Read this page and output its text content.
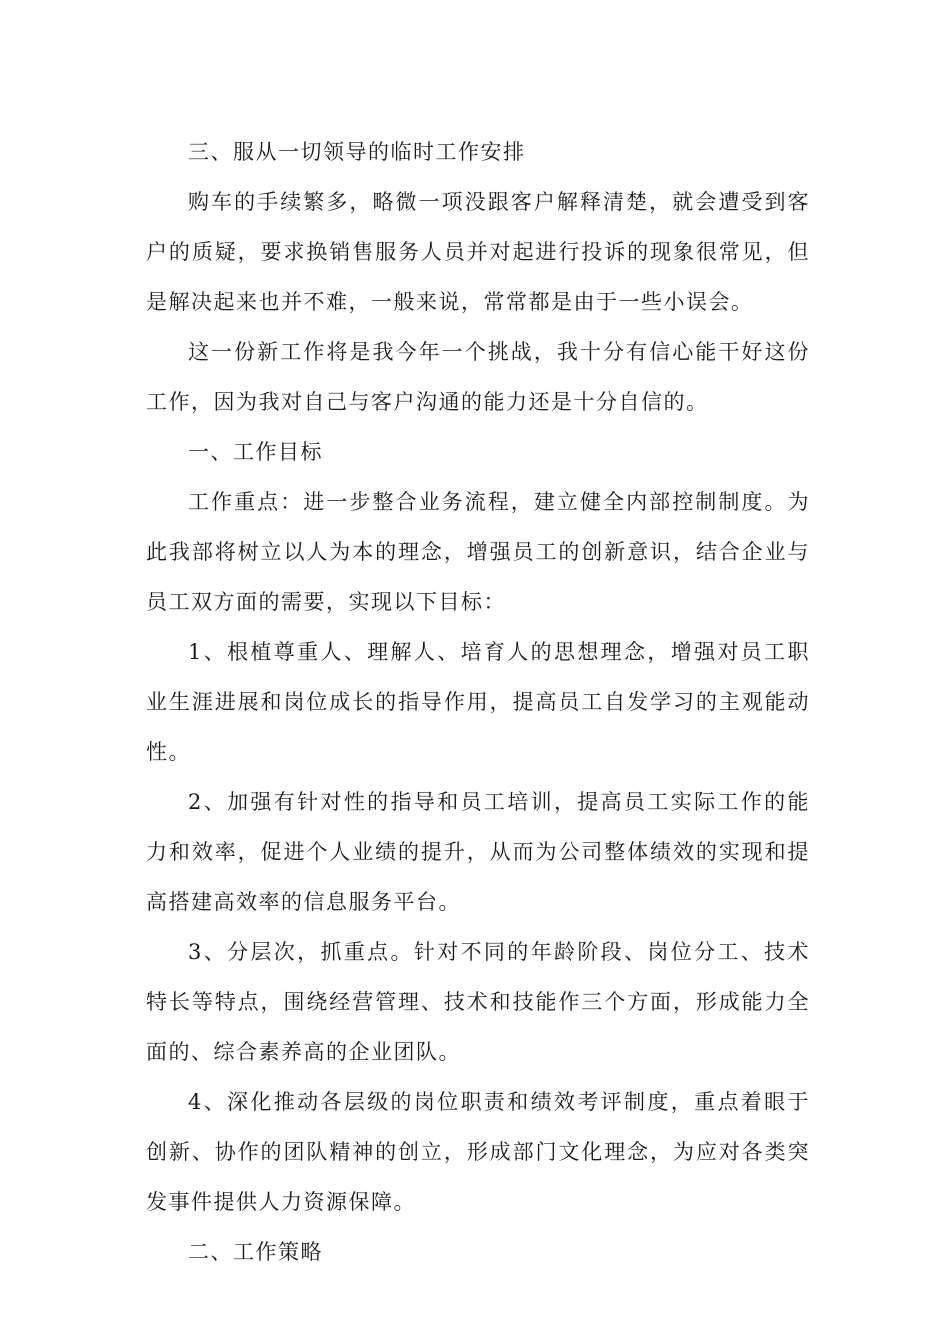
三、服从一切领导的临时工作安排

购车的手续繁多，略微一项没跟客户解释清楚，就会遭受到客户的质疑，要求换销售服务人员并对起进行投诉的现象很常见，但是解决起来也并不难，一般来说，常常都是由于一些小误会。

这一份新工作将是我今年一个挑战，我十分有信心能干好这份工作，因为我对自己与客户沟通的能力还是十分自信的。

一、工作目标

工作重点：进一步整合业务流程，建立健全内部控制制度。为此我部将树立以人为本的理念，增强员工的创新意识，结合企业与员工双方面的需要，实现以下目标：

1、根植尊重人、理解人、培育人的思想理念，增强对员工职业生涯进展和岗位成长的指导作用，提高员工自发学习的主观能动性。

2、加强有针对性的指导和员工培训，提高员工实际工作的能力和效率，促进个人业绩的提升，从而为公司整体绩效的实现和提高搭建高效率的信息服务平台。

3、分层次，抓重点。针对不同的年龄阶段、岗位分工、技术特长等特点，围绕经营管理、技术和技能作三个方面，形成能力全面的、综合素养高的企业团队。

4、深化推动各层级的岗位职责和绩效考评制度，重点着眼于创新、协作的团队精神的创立，形成部门文化理念，为应对各类突发事件提供人力资源保障。

二、工作策略
